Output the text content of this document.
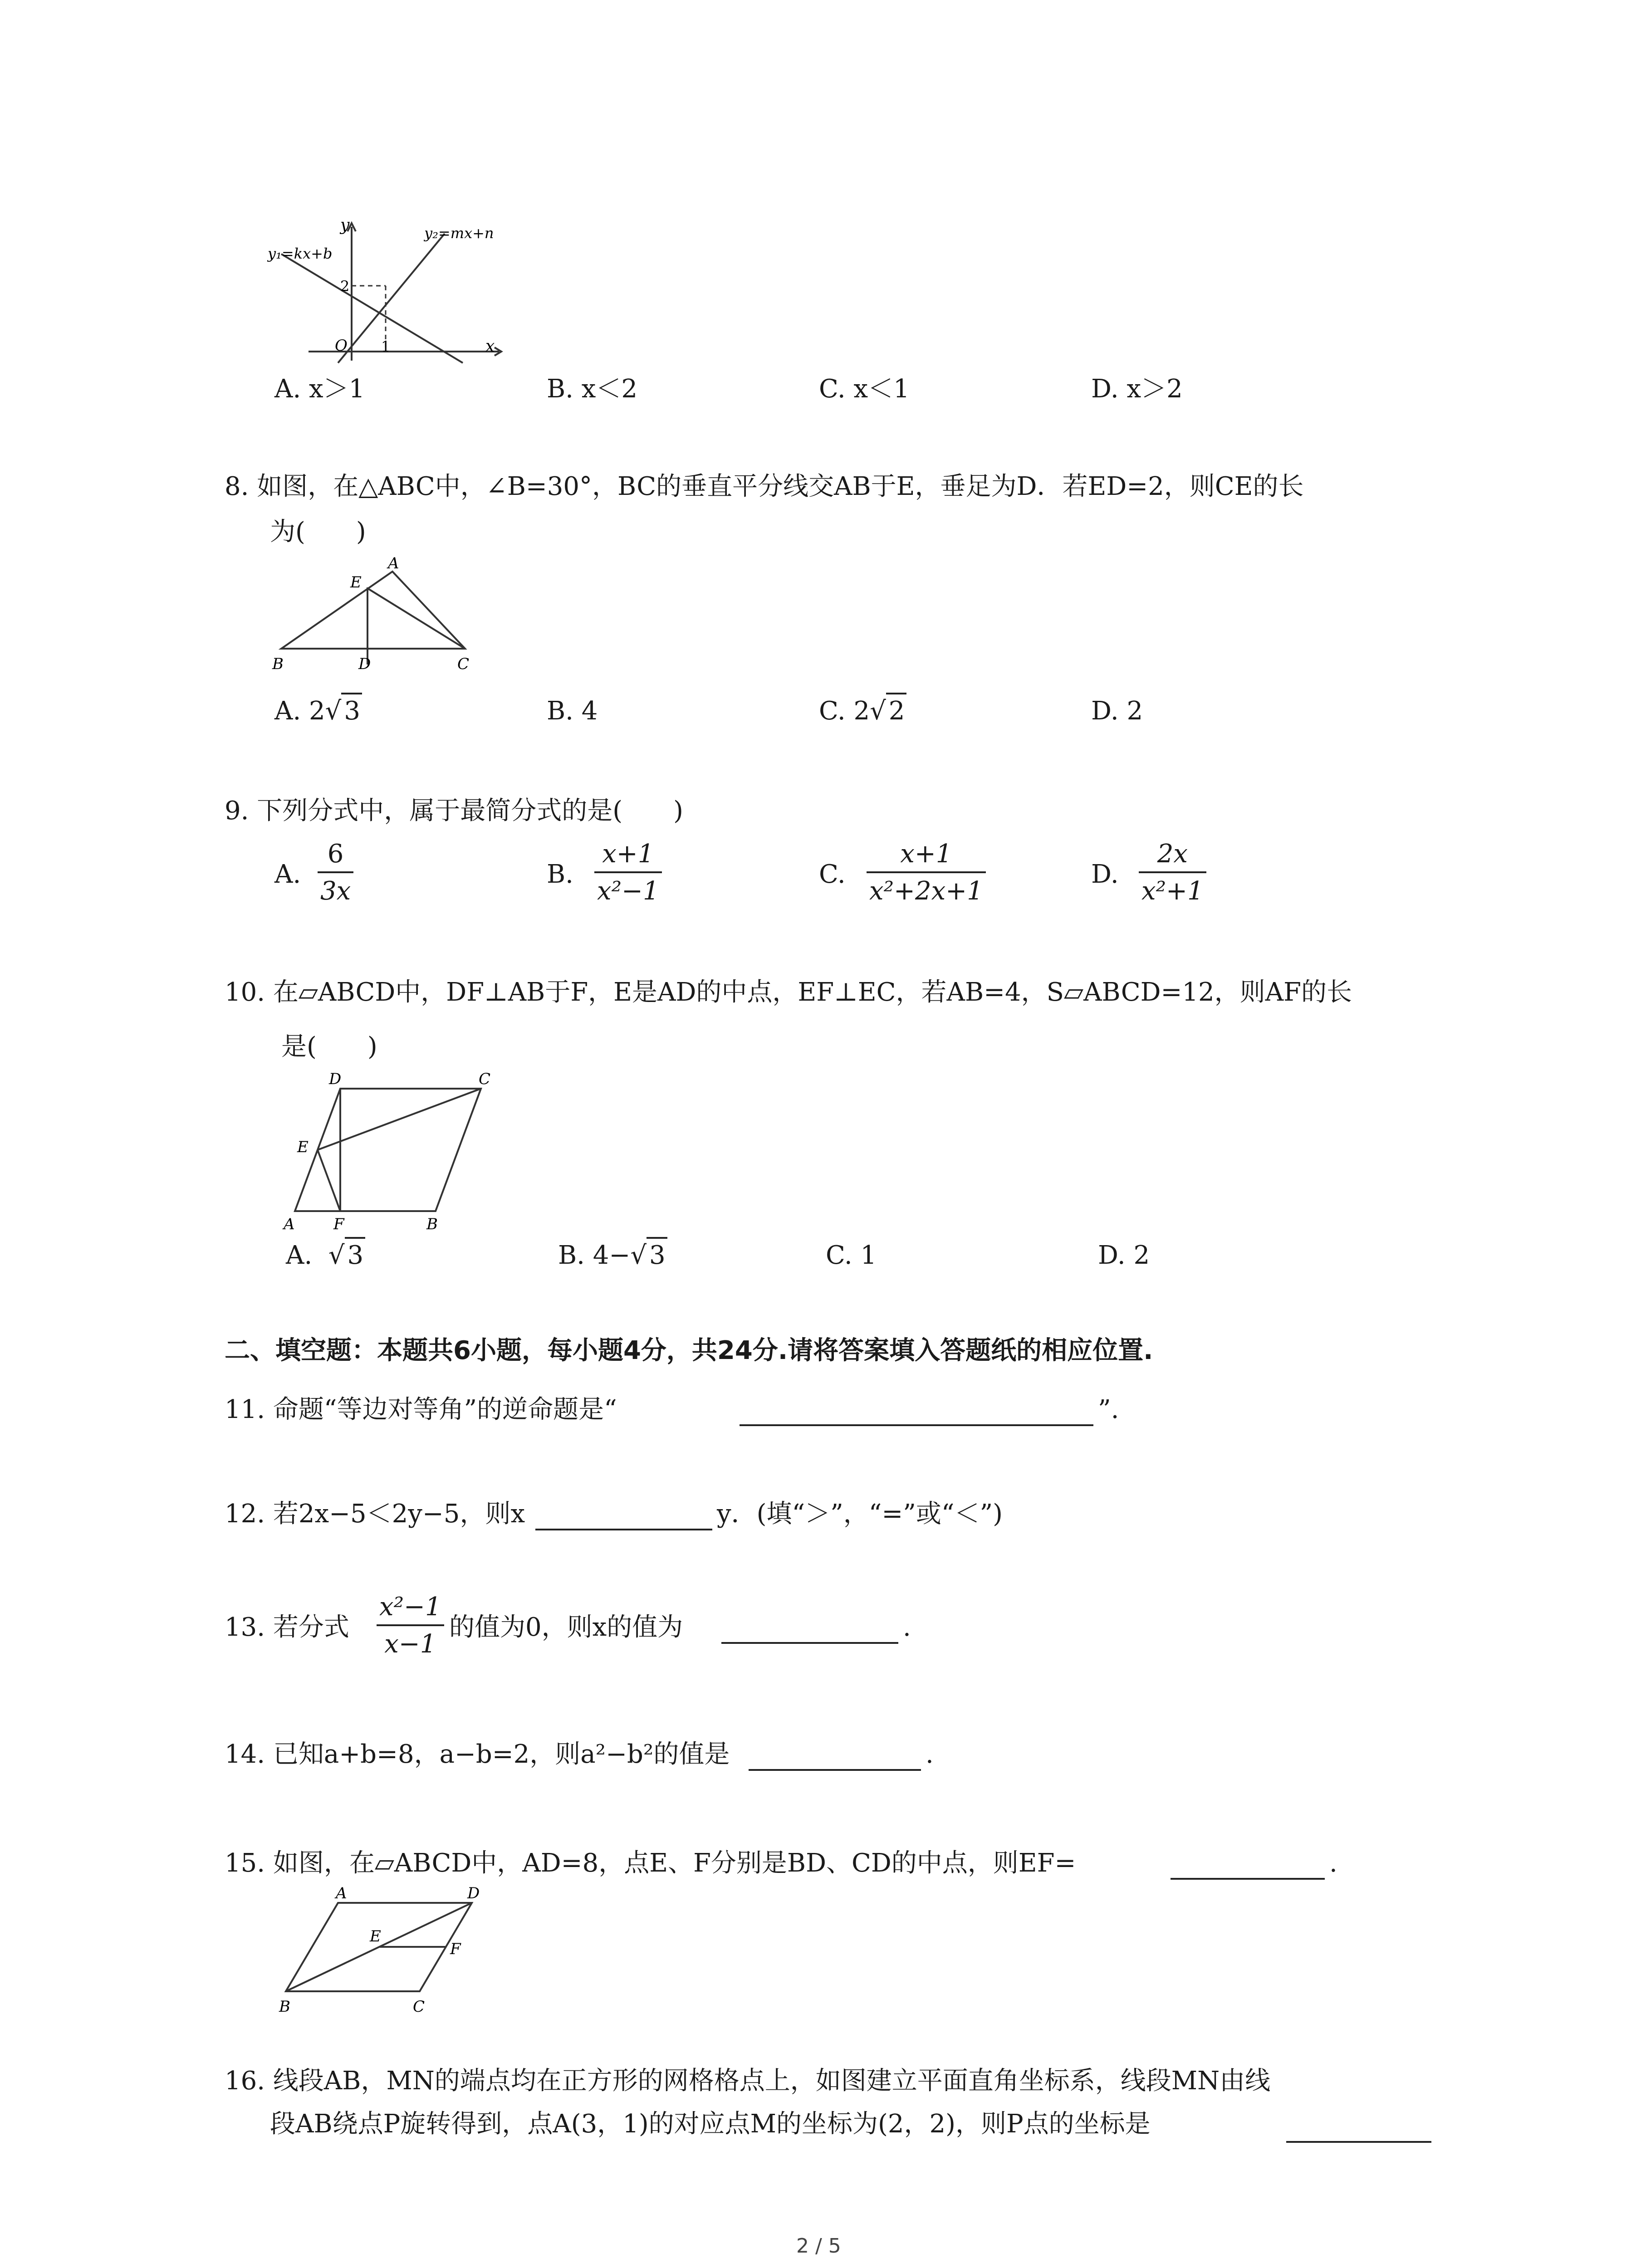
y
x
O 1
2
y₁=kx+b
y₂=mx+n
A. x＞1	B. x＜2	C. x＜1	D. x＞2
8. 如图，在△ABC中，∠B=30°，BC的垂直平分线交AB于E，垂足为D．若ED=2，则CE的长
为(　　)
A
E
B	D	C
A. 2√ 3	B. 4	C. 2√ 2	D. 2
9. 下列分式中，属于最简分式的是(　　)
A. $\frac{6}{3x}$	B. $\frac{x+1}{\text{x²−1}}$	C. $\frac{x+1}{\text{x²+2x+1}}$	D. $\frac{2x}{\text{x²+1}}$
10. 在▱ABCD中，DF⊥AB于F，E是AD的中点，EF⊥EC，若AB=4，S▱ABCD=12，则AF的长
是(　　)
D	C
E
A	F	B
A. √ 3	B. 4−√ 3	C. 1	D. 2
二、填空题：本题共6小题，每小题4分，共24分.请将答案填入答题纸的相应位置.
11. 命题“等边对等角”的逆命题是“	”.
12. 若2x−5＜2y−5，则x	y．(填“＞”，“=”或“＜”)
13. 若分式 $\frac{\text{x²−1}}{x-1}$ 的值为0，则x的值为	.
14. 已知a+b=8，a−b=2，则a²−b²的值是	.
15. 如图，在▱ABCD中，AD=8，点E、F分别是BD、CD的中点，则EF=	.
A	D
E
F
B	C
16. 线段AB，MN的端点均在正方形的网格格点上，如图建立平面直角坐标系，线段MN由线
段AB绕点P旋转得到，点A(3，1)的对应点M的坐标为(2，2)，则P点的坐标是
2 / 5
